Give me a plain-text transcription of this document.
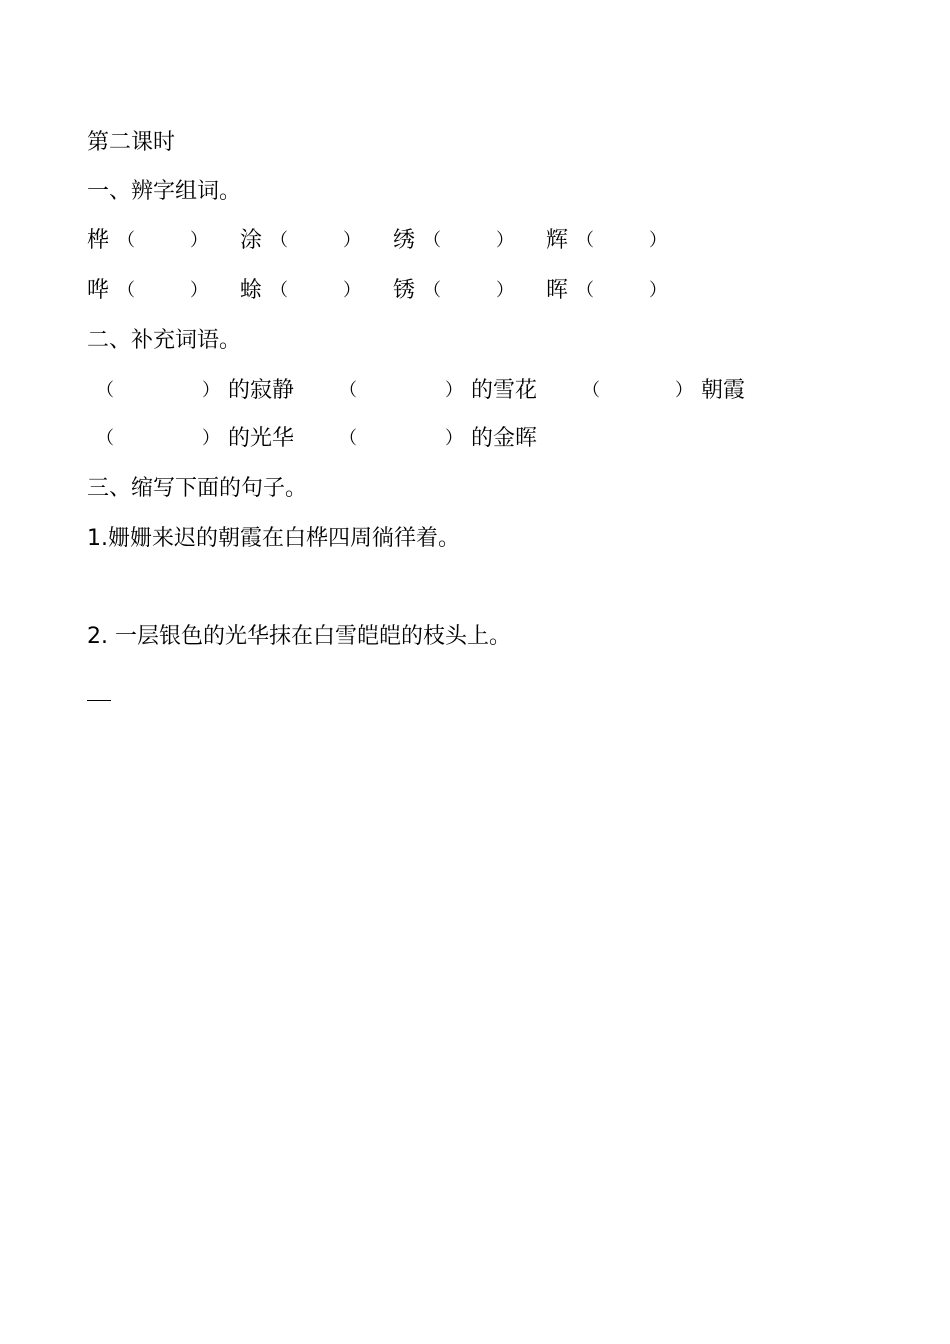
第二课时
一、辨字组词。
桦 （	） 涂 （	） 绣 （	） 辉 （	）
哗 （	） 蜍 （	） 锈 （	） 晖 （	）
二、补充词语。
（	） 的寂静 （	） 的雪花 （	） 朝霞
（	） 的光华 （	） 的金晖
三、缩写下面的句子。
1.姗姗来迟的朝霞在白桦四周徜徉着。
2. 一层银色的光华抹在白雪皑皑的枝头上。
